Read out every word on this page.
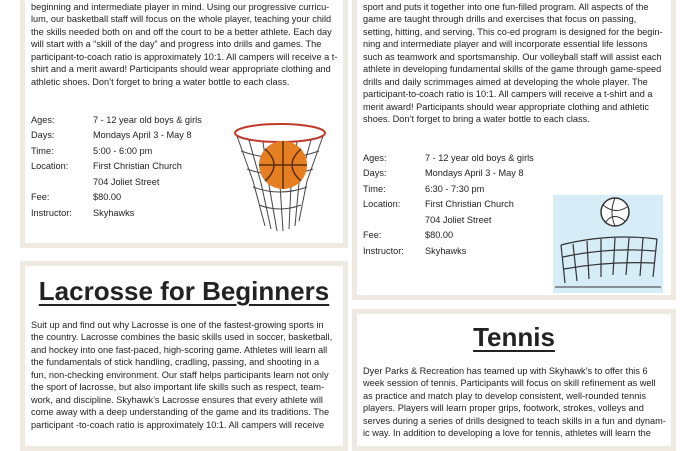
beginning and intermediate player in mind. Using our progressive curricu-
lum, our basketball staff will focus on the whole player, teaching your child
the skills needed both on and off the court to be a better athlete. Each day
will start with a “skill of the day” and progress into drills and games. The
participant-to-coach ratio is approximately 10:1. All campers will receive a t-
shirt and a merit award! Participants should wear appropriate clothing and
athletic shoes. Don’t forget to bring a water bottle to each class.
Ages:	7 - 12 year old boys & girls
Days:	Mondays April 3 - May 8
Time:	5:00 - 6:00 pm
Location:	First Christian Church
704 Joliet Street
Fee:	$80.00
Instructor:	Skyhawks
sport and puts it together into one fun-filled program. All aspects of the
game are taught through drills and exercises that focus on passing,
setting, hitting, and serving. This co-ed program is designed for the begin-
ning and intermediate player and will incorporate essential life lessons
such as teamwork and sportsmanship. Our volleyball staff will assist each
athlete in developing fundamental skills of the game through game-speed
drills and daily scrimmages aimed at developing the whole player. The
participant-to-coach ratio is 10:1. All campers will receive a t-shirt and a
merit award! Participants should wear appropriate clothing and athletic
shoes. Don’t forget to bring a water bottle to each class.
Ages:	7 - 12 year old boys & girls
Days:	Mondays April 3 - May 8
Time:	6:30 - 7:30 pm
Location:	First Christian Church
704 Joliet Street
Fee:	$80.00
Instructor:	Skyhawks
Lacrosse for Beginners
Suit up and find out why Lacrosse is one of the fastest-growing sports in
the country. Lacrosse combines the basic skills used in soccer, basketball,
and hockey into one fast-paced, high-scoring game. Athletes will learn all
the fundamentals of stick handling, cradling, passing, and shooting in a
fun, non-checking environment. Our staff helps participants learn not only
the sport of lacrosse, but also important life skills such as respect, team-
work, and discipline. Skyhawk’s Lacrosse ensures that every athlete will
come away with a deep understanding of the game and its traditions. The
participant -to-coach ratio is approximately 10:1. All campers will receive
Tennis
Dyer Parks & Recreation has teamed up with Skyhawk’s to offer this 6
week session of tennis. Participants will focus on skill refinement as well
as practice and match play to develop consistent, well-rounded tennis
players. Players will learn proper grips, footwork, strokes, volleys and
serves during a series of drills designed to teach skills in a fun and dynam-
ic way. In addition to developing a love for tennis, athletes will learn the
